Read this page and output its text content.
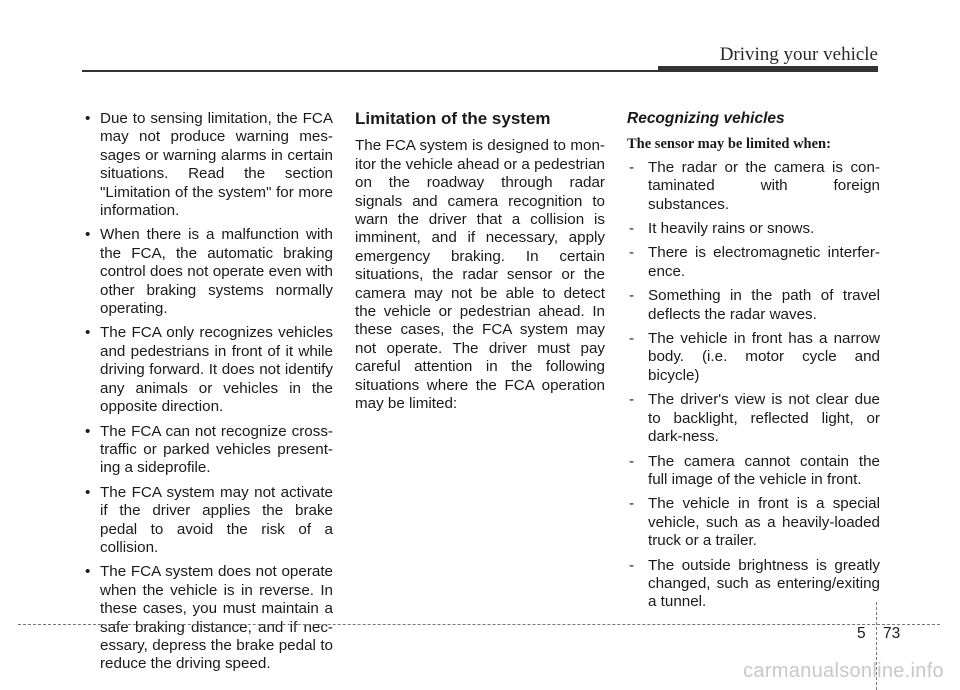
Driving your vehicle
• Due to sensing limitation, the FCA may not produce warning mes-sages or warning alarms in certain situations. Read the section "Limitation of the system" for more information.
• When there is a malfunction with the FCA, the automatic braking control does not operate even with other braking systems normally operating.
• The FCA only recognizes vehicles and pedestrians in front of it while driving forward. It does not identify any animals or vehicles in the opposite direction.
• The FCA can not recognize cross-traffic or parked vehicles present-ing a sideprofile.
• The FCA system may not activate if the driver applies the brake pedal to avoid the risk of a collision.
• The FCA system does not operate when the vehicle is in reverse. In these cases, you must maintain a safe braking distance, and if nec-essary, depress the brake pedal to reduce the driving speed.
Limitation of the system

The FCA system is designed to mon-itor the vehicle ahead or a pedestrian on the roadway through radar signals and camera recognition to warn the driver that a collision is imminent, and if necessary, apply emergency braking. In certain situations, the radar sensor or the camera may not be able to detect the vehicle or pedestrian ahead. In these cases, the FCA system may not operate. The driver must pay careful attention in the following situations where the FCA operation may be limited:

Recognizing vehicles

The sensor may be limited when:

- The radar or the camera is con-taminated with foreign substances.
- It heavily rains or snows.
- There is electromagnetic interfer-ence.
- Something in the path of travel deflects the radar waves.
- The vehicle in front has a narrow body. (i.e. motor cycle and bicycle)
- The driver's view is not clear due to backlight, reflected light, or dark-ness.
- The camera cannot contain the full image of the vehicle in front.
- The vehicle in front is a special vehicle, such as a heavily-loaded truck or a trailer.
- The outside brightness is greatly changed, such as entering/exiting a tunnel.
5 73
carmanualsonline.info
